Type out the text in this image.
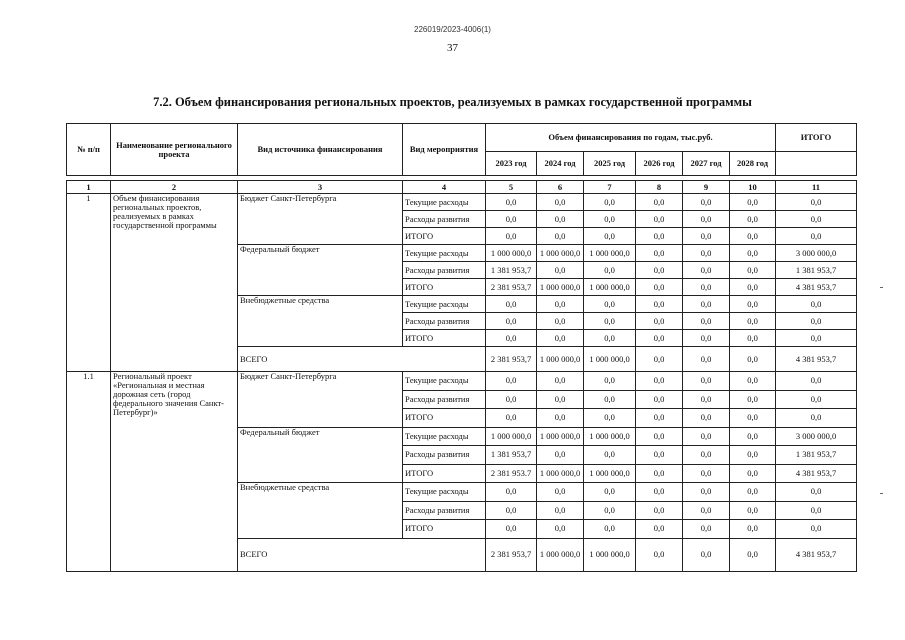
226019/2023-4006(1)
37
7.2. Объем финансирования региональных проектов, реализуемых в рамках государственной программы
№ п/п	Наименование регионального проекта	Вид источника финансирования	Вид мероприятия	Объем финансирования по годам, тыс.руб.						ИТОГО
				2023 год	2024 год	2025 год	2026 год	2027 год	2028 год	

1	2	3	4	5	6	7	8	9	10	11
1	Объем финансирования региональных проектов, реализуемых в рамках государственной программы	Бюджет Санкт-Петербурга	Текущие расходы	0,0	0,0	0,0	0,0	0,0	0,0	0,0
			Расходы развития	0,0	0,0	0,0	0,0	0,0	0,0	0,0
			ИТОГО	0,0	0,0	0,0	0,0	0,0	0,0	0,0
		Федеральный бюджет	Текущие расходы	1 000 000,0	1 000 000,0	1 000 000,0	0,0	0,0	0,0	3 000 000,0
			Расходы развития	1 381 953,7	0,0	0,0	0,0	0,0	0,0	1 381 953,7
			ИТОГО	2 381 953,7	1 000 000,0	1 000 000,0	0,0	0,0	0,0	4 381 953,7
		Внебюджетные средства	Текущие расходы	0,0	0,0	0,0	0,0	0,0	0,0	0,0
			Расходы развития	0,0	0,0	0,0	0,0	0,0	0,0	0,0
			ИТОГО	0,0	0,0	0,0	0,0	0,0	0,0	0,0
		ВСЕГО		2 381 953,7	1 000 000,0	1 000 000,0	0,0	0,0	0,0	4 381 953,7
1.1	Региональный проект «Региональная и местная дорожная сеть (город федерального значения Санкт-Петербург)»	Бюджет Санкт-Петербурга	Текущие расходы	0,0	0,0	0,0	0,0	0,0	0,0	0,0
			Расходы развития	0,0	0,0	0,0	0,0	0,0	0,0	0,0
			ИТОГО	0,0	0,0	0,0	0,0	0,0	0,0	0,0
		Федеральный бюджет	Текущие расходы	1 000 000,0	1 000 000,0	1 000 000,0	0,0	0,0	0,0	3 000 000,0
			Расходы развития	1 381 953,7	0,0	0,0	0,0	0,0	0,0	1 381 953,7
			ИТОГО	2 381 953.7	1 000 000,0	1 000 000,0	0,0	0,0	0,0	4 381 953,7
		Внебюджетные средства	Текущие расходы	0,0	0,0	0,0	0,0	0,0	0,0	0,0
			Расходы развития	0,0	0,0	0,0	0,0	0,0	0,0	0,0
			ИТОГО	0,0	0,0	0,0	0,0	0,0	0,0	0,0
		ВСЕГО		2 381 953,7	1 000 000,0	1 000 000,0	0,0	0,0	0,0	4 381 953,7
